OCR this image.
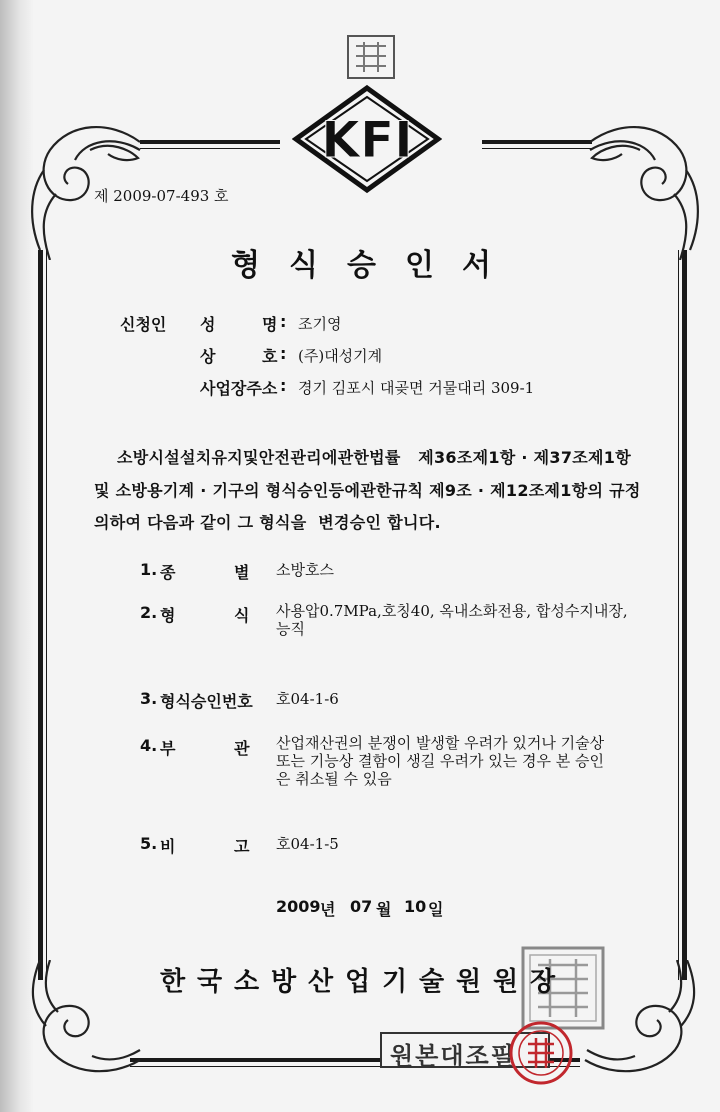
KFI
제 2009-07-493 호
형 식 승 인 서
신청인 성	명 : 조기영
상	호 : (주)대성기계
사업장주소 : 경기 김포시 대곶면 거물대리 309-1
소방시설설치유지및안전관리에관한법률   제36조제1항 · 제37조제1항
및 소방용기계 · 기구의 형식승인등에관한규칙 제9조 · 제12조제1항의 규정
의하여 다음과 같이 그 형식을  변경승인 합니다.
1. 종	별 소방호스
2. 형	식 사용압0.7MPa,호칭40, 옥내소화전용, 합성수지내장,
능직
3. 형식승인번호 호04-1-6
4. 부	관 산업재산권의 분쟁이 발생할 우려가 있거나 기술상
또는 기능상 결함이 생길 우려가 있는 경우 본 승인
은 취소될 수 있음
5. 비	고 호04-1-5
2009 년 07 월 10 일
한 국 소 방 산 업 기 술 원 원 장
원본대조필
